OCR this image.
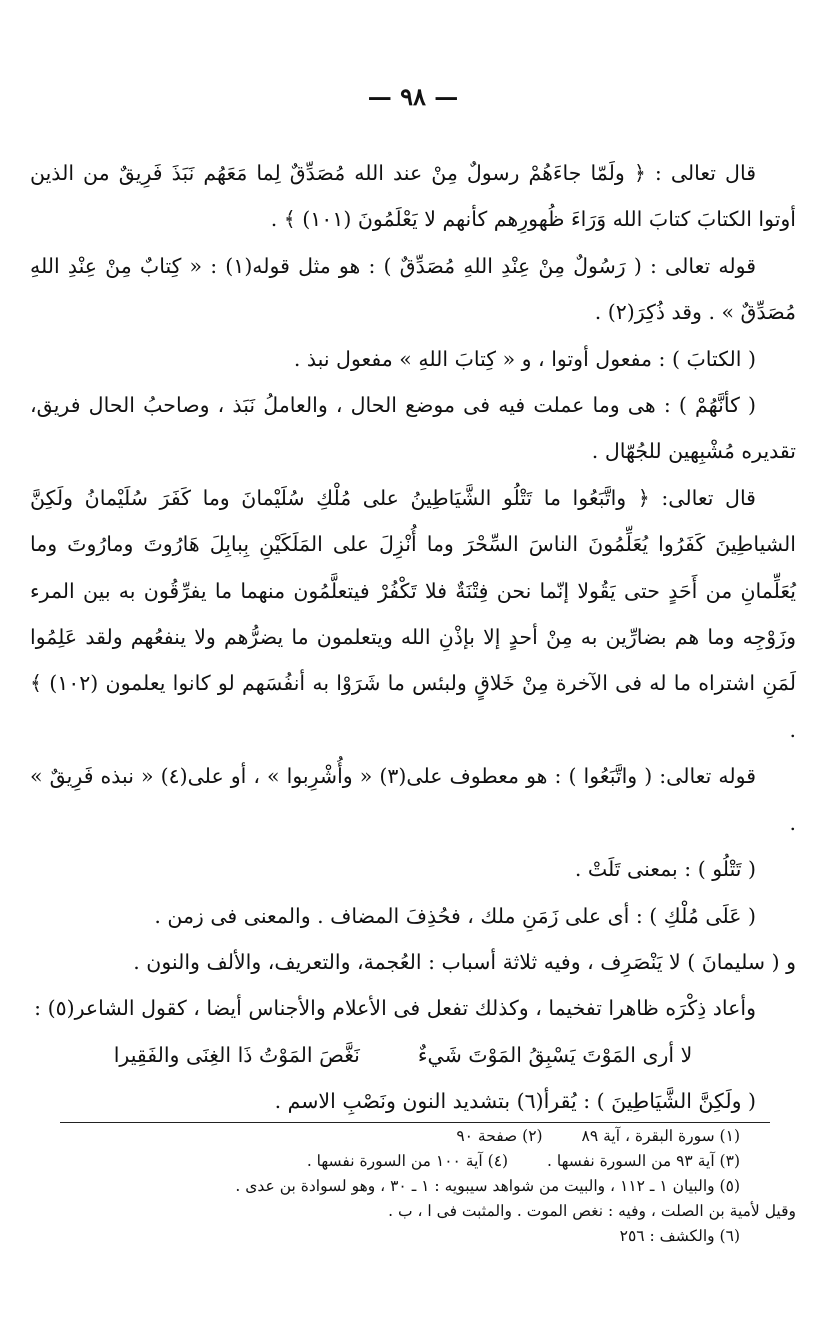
— ٩٨ —

قال تعالى : ﴿ ولَمّا جاءَهُمْ رسولٌ مِنْ عند الله مُصَدِّقٌ لِما مَعَهُم نَبَذَ فَرِيقٌ من الذين أوتوا الكتابَ كتابَ الله وَرَاءَ ظُهورِهم كأنهم لا يَعْلَمُونَ (١٠١) ﴾ .

قوله تعالى : ( رَسُولٌ مِنْ عِنْدِ اللهِ مُصَدِّقٌ ) : هو مثل قوله(١) : « كِتابٌ مِنْ عِنْدِ اللهِ مُصَدِّقٌ » . وقد ذُكِرَ(٢) .

( الكتابَ ) : مفعول أوتوا ، و « كِتابَ اللهِ » مفعول نبذ .

( كأنَّهُمْ ) : هى وما عملت فيه فى موضع الحال ، والعاملُ نَبَذ ، وصاحبُ الحال فريق، تقديره مُشْبِهين للجُهّال .

قال تعالى: ﴿ واتَّبَعُوا ما تَتْلُو الشَّيَاطِينُ على مُلْكِ سُلَيْمانَ وما كَفَرَ سُلَيْمانُ ولَكِنَّ الشياطِينَ كَفَرُوا يُعَلِّمُونَ الناسَ السِّحْرَ وما أُنْزِلَ على المَلَكَيْنِ بِبابِلَ هَارُوتَ ومارُوتَ وما يُعَلِّمانِ من أَحَدٍ حتى يَقُولا إنّما نحن فِتْنَةٌ فلا تَكْفُرْ فيتعلَّمُون منهما ما يفرِّقُون به بين المرء وزَوْجِه وما هم بضارِّين به مِنْ أحدٍ إلا بإذْنِ الله ويتعلمون ما يضرُّهم ولا ينفعُهم ولقد عَلِمُوا لَمَنِ اشتراه ما له فى الآخرة مِنْ خَلاقٍ ولبئس ما شَرَوْا به أنفُسَهم لو كانوا يعلمون (١٠٢) ﴾ .

قوله تعالى: ( واتَّبَعُوا ) : هو معطوف على(٣) « وأُشْرِبوا » ، أو على(٤) « نبذه فَرِيقٌ » .

( تَتْلُو ) : بمعنى تَلَتْ .

( عَلَى مُلْكِ ) : أى على زَمَنِ ملك ، فحُذِفَ المضاف . والمعنى فى زمن .

و ( سليمانَ ) لا يَنْصَرِف ، وفيه ثلاثة أسباب : العُجمة، والتعريف، والألف والنون .

وأعاد ذِكْرَه ظاهرا تفخيما ، وكذلك تفعل فى الأعلام والأجناس أيضا ، كقول الشاعر(٥) :

لا أرى المَوْتَ يَسْبِقُ المَوْتَ شَيءٌ
نَغَّصَ المَوْتُ ذَا الغِنَى والفَقِيرا

( ولَكِنَّ الشَّيَاطِينَ ) : يُقرأ(٦) بتشديد النون ونَصْبِ الاسم .

(١) سورة البقرة ، آية ٨٩ (٢) صفحة ٩٠

(٣) آية ٩٣ من السورة نفسها . (٤) آية ١٠٠ من السورة نفسها .

(٥) والبيان ١ ـ ١١٢ ، والبيت من شواهد سيبويه : ١ ـ ٣٠ ، وهو لسوادة بن عدى .

وقيل لأمية بن الصلت ، وفيه : نغص الموت . والمثبت فى ا ، ب .

(٦) والكشف : ٢٥٦
